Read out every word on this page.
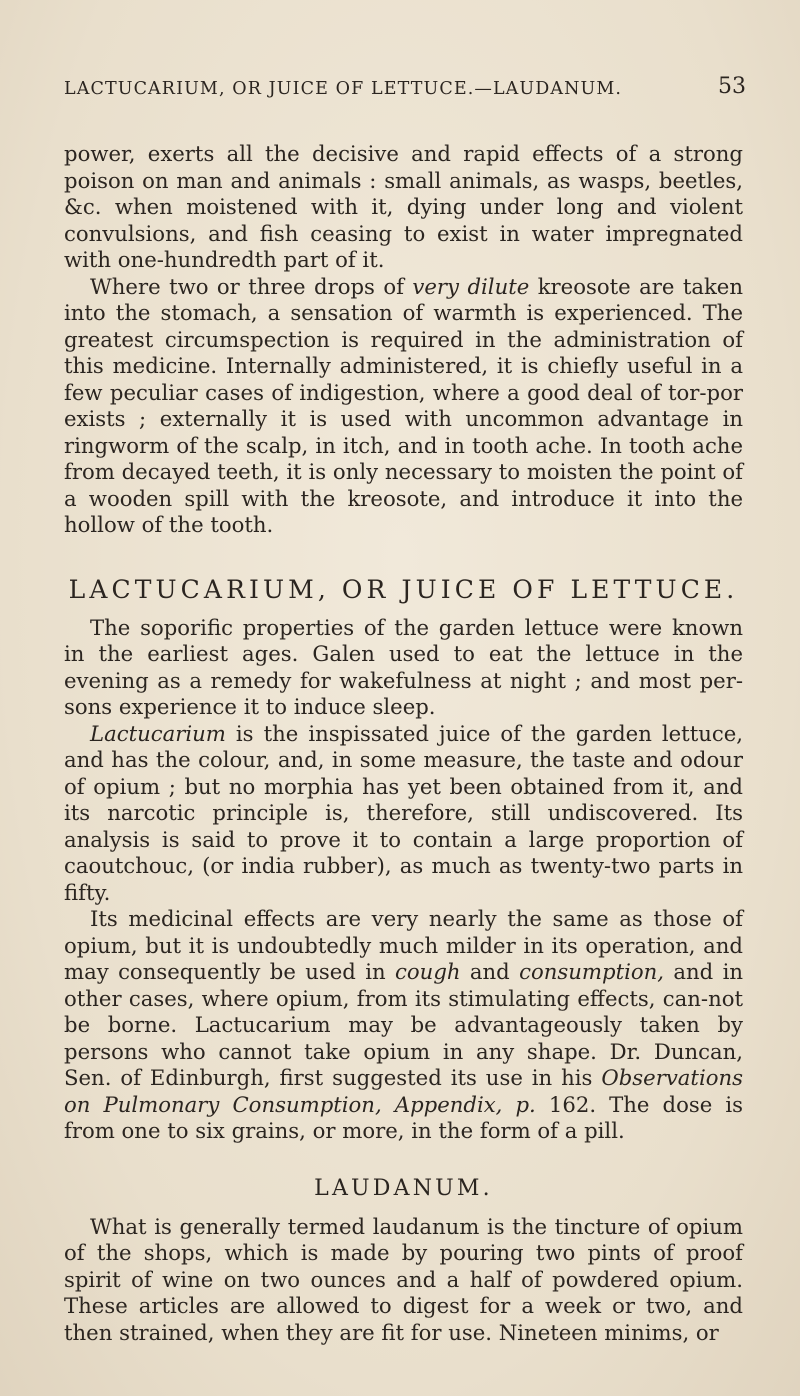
LACTUCARIUM, OR JUICE OF LETTUCE.—LAUDANUM.	53

power, exerts all the decisive and rapid effects of a strong poison on man and animals : small animals, as wasps, beetles, &c. when moistened with it, dying under long and violent convulsions, and fish ceasing to exist in water impregnated with one-hundredth part of it.

Where two or three drops of very dilute kreosote are taken into the stomach, a sensation of warmth is experienced. The greatest circumspection is required in the administration of this medicine. Internally administered, it is chiefly useful in a few peculiar cases of indigestion, where a good deal of tor-por exists ; externally it is used with uncommon advantage in ringworm of the scalp, in itch, and in tooth ache. In tooth ache from decayed teeth, it is only necessary to moisten the point of a wooden spill with the kreosote, and introduce it into the hollow of the tooth.

LACTUCARIUM, OR JUICE OF LETTUCE.

The soporific properties of the garden lettuce were known in the earliest ages. Galen used to eat the lettuce in the evening as a remedy for wakefulness at night ; and most per-sons experience it to induce sleep.

Lactucarium is the inspissated juice of the garden lettuce, and has the colour, and, in some measure, the taste and odour of opium ; but no morphia has yet been obtained from it, and its narcotic principle is, therefore, still undiscovered. Its analysis is said to prove it to contain a large proportion of caoutchouc, (or india rubber), as much as twenty-two parts in fifty.

Its medicinal effects are very nearly the same as those of opium, but it is undoubtedly much milder in its operation, and may consequently be used in cough and consumption, and in other cases, where opium, from its stimulating effects, can-not be borne. Lactucarium may be advantageously taken by persons who cannot take opium in any shape. Dr. Duncan, Sen. of Edinburgh, first suggested its use in his Observations on Pulmonary Consumption, Appendix, p. 162. The dose is from one to six grains, or more, in the form of a pill.

LAUDANUM.

What is generally termed laudanum is the tincture of opium of the shops, which is made by pouring two pints of proof spirit of wine on two ounces and a half of powdered opium. These articles are allowed to digest for a week or two, and then strained, when they are fit for use. Nineteen minims, or
